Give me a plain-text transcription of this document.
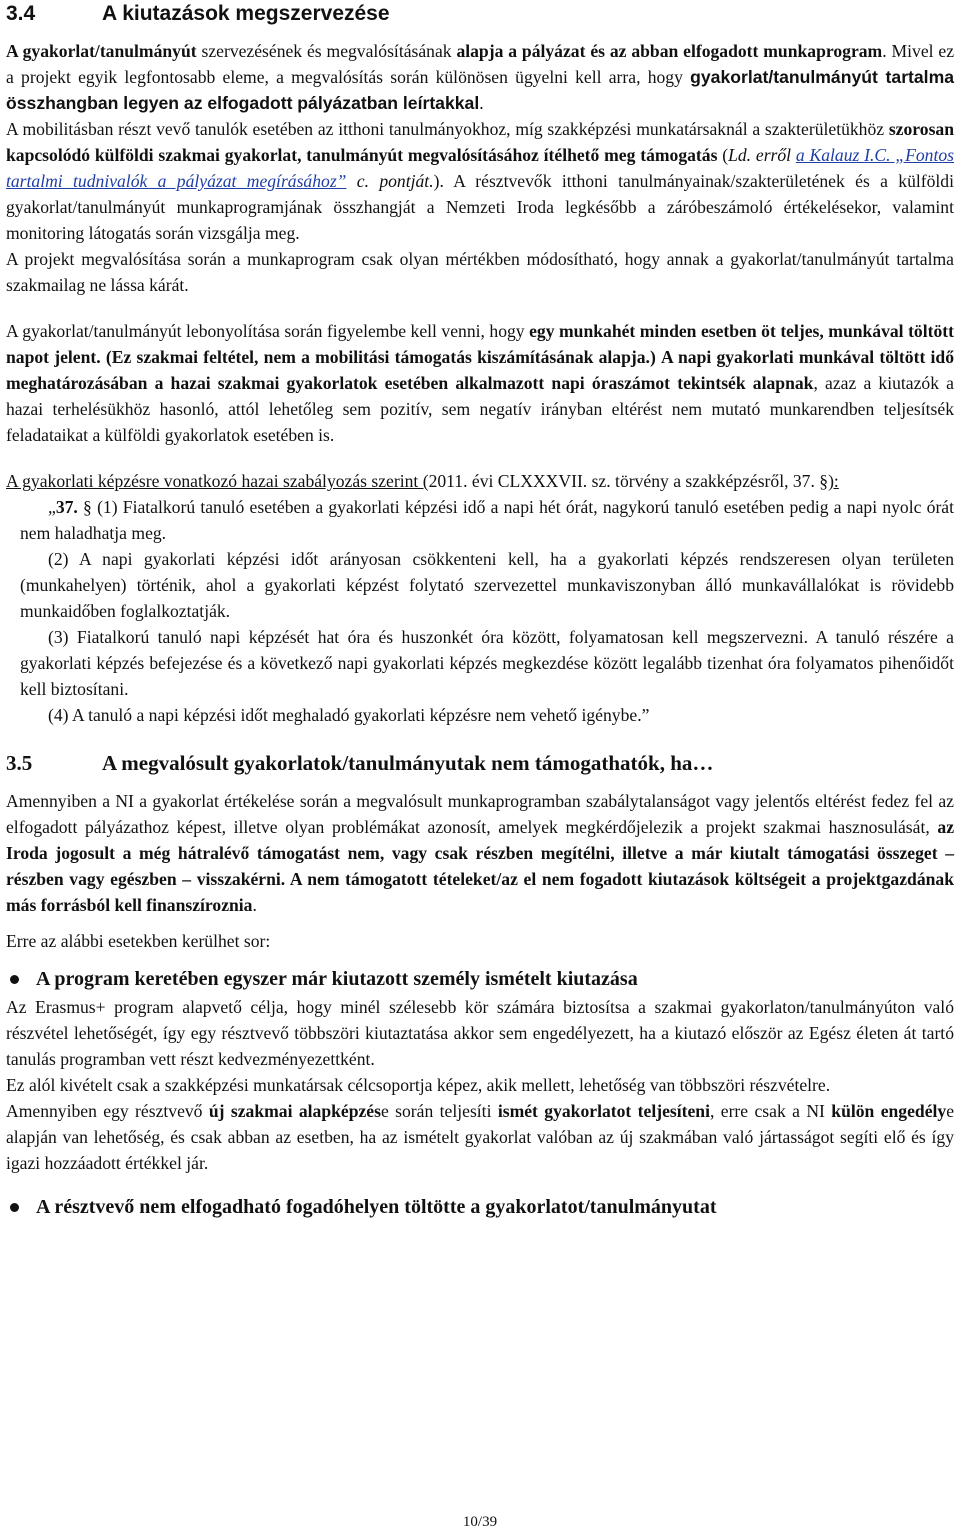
3.4	A kiutazások megszervezése

A gyakorlat/tanulmányút szervezésének és megvalósításának alapja a pályázat és az abban elfogadott munkaprogram. Mivel ez a projekt egyik legfontosabb eleme, a megvalósítás során különösen ügyelni kell arra, hogy gyakorlat/tanulmányút tartalma összhangban legyen az elfogadott pályázatban leírtakkal.

A mobilitásban részt vevő tanulók esetében az itthoni tanulmányokhoz, míg szakképzési munkatársaknál a szakterületükhöz szorosan kapcsolódó külföldi szakmai gyakorlat, tanulmányút megvalósításához ítélhető meg támogatás (Ld. erről a Kalauz I.C. „Fontos tartalmi tudnivalók a pályázat megírásához” c. pontját.). A résztvevők itthoni tanulmányainak/szakterületének és a külföldi gyakorlat/tanulmányút munkaprogramjának összhangját a Nemzeti Iroda legkésőbb a záróbeszámoló értékelésekor, valamint monitoring látogatás során vizsgálja meg.

A projekt megvalósítása során a munkaprogram csak olyan mértékben módosítható, hogy annak a gyakorlat/tanulmányút tartalma szakmailag ne lássa kárát.

A gyakorlat/tanulmányút lebonyolítása során figyelembe kell venni, hogy egy munkahét minden esetben öt teljes, munkával töltött napot jelent. (Ez szakmai feltétel, nem a mobilitási támogatás kiszámításának alapja.) A napi gyakorlati munkával töltött idő meghatározásában a hazai szakmai gyakorlatok esetében alkalmazott napi óraszámot tekintsék alapnak, azaz a kiutazók a hazai terhelésükhöz hasonló, attól lehetőleg sem pozitív, sem negatív irányban eltérést nem mutató munkarendben teljesítsék feladataikat a külföldi gyakorlatok esetében is.

A gyakorlati képzésre vonatkozó hazai szabályozás szerint (2011. évi CLXXXVII. sz. törvény a szakképzésről, 37. §):

„37. § (1) Fiatalkorú tanuló esetében a gyakorlati képzési idő a napi hét órát, nagykorú tanuló esetében pedig a napi nyolc órát nem haladhatja meg.

(2) A napi gyakorlati képzési időt arányosan csökkenteni kell, ha a gyakorlati képzés rendszeresen olyan területen (munkahelyen) történik, ahol a gyakorlati képzést folytató szervezettel munkaviszonyban álló munkavállalókat is rövidebb munkaidőben foglalkoztatják.

(3) Fiatalkorú tanuló napi képzését hat óra és huszonkét óra között, folyamatosan kell megszervezni. A tanuló részére a gyakorlati képzés befejezése és a következő napi gyakorlati képzés megkezdése között legalább tizenhat óra folyamatos pihenőidőt kell biztosítani.

(4) A tanuló a napi képzési időt meghaladó gyakorlati képzésre nem vehető igénybe.”

3.5	A megvalósult gyakorlatok/tanulmányutak nem támogathatók, ha…

Amennyiben a NI a gyakorlat értékelése során a megvalósult munkaprogramban szabálytalanságot vagy jelentős eltérést fedez fel az elfogadott pályázathoz képest, illetve olyan problémákat azonosít, amelyek megkérdőjelezik a projekt szakmai hasznosulását, az Iroda jogosult a még hátralévő támogatást nem, vagy csak részben megítélni, illetve a már kiutalt támogatási összeget – részben vagy egészben – visszakérni. A nem támogatott tételeket/az el nem fogadott kiutazások költségeit a projektgazdának más forrásból kell finanszíroznia.

Erre az alábbi esetekben kerülhet sor:

A program keretében egyszer már kiutazott személy ismételt kiutazása

Az Erasmus+ program alapvető célja, hogy minél szélesebb kör számára biztosítsa a szakmai gyakorlaton/tanulmányúton való részvétel lehetőségét, így egy résztvevő többszöri kiutaztatása akkor sem engedélyezett, ha a kiutazó először az Egész életen át tartó tanulás programban vett részt kedvezményezettként.

Ez alól kivételt csak a szakképzési munkatársak célcsoportja képez, akik mellett, lehetőség van többszöri részvételre.

Amennyiben egy résztvevő új szakmai alapképzése során teljesíti ismét gyakorlatot teljesíteni, erre csak a NI külön engedélye alapján van lehetőség, és csak abban az esetben, ha az ismételt gyakorlat valóban az új szakmában való jártasságot segíti elő és így igazi hozzáadott értékkel jár.

A résztvevő nem elfogadható fogadóhelyen töltötte a gyakorlatot/tanulmányutat
10/39
